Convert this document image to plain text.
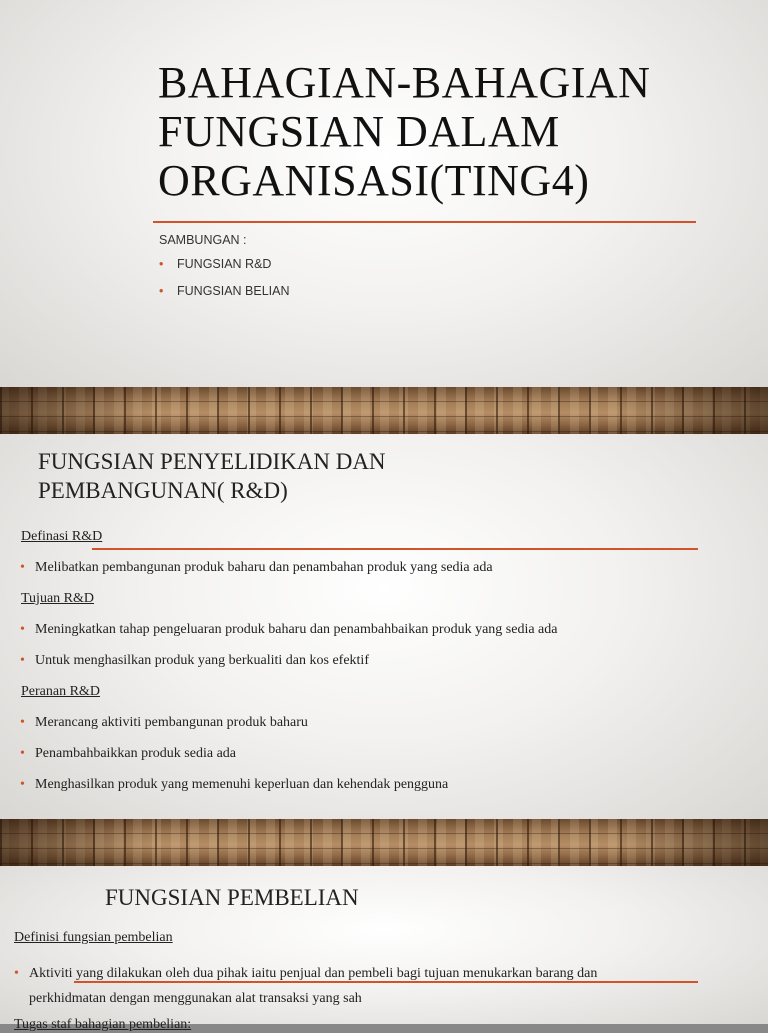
BAHAGIAN-BAHAGIAN
FUNGSIAN DALAM
ORGANISASI(TING4)
SAMBUNGAN :
• FUNGSIAN R&D
• FUNGSIAN BELIAN
FUNGSIAN PENYELIDIKAN DAN
PEMBANGUNAN( R&D)
Definasi R&D
• Melibatkan pembangunan produk baharu dan penambahan produk yang sedia ada
Tujuan R&D
• Meningkatkan tahap pengeluaran produk baharu dan penambahbaikan produk yang sedia ada
• Untuk menghasilkan produk yang berkualiti dan kos efektif
Peranan R&D
• Merancang aktiviti pembangunan produk baharu
• Penambahbaikkan produk sedia ada
• Menghasilkan produk yang memenuhi keperluan dan kehendak pengguna
FUNGSIAN PEMBELIAN
Definisi fungsian pembelian
• Aktiviti yang dilakukan oleh dua pihak iaitu penjual dan pembeli bagi tujuan menukarkan barang dan
perkhidmatan dengan menggunakan alat transaksi yang sah
Tugas staf bahagian pembelian:
